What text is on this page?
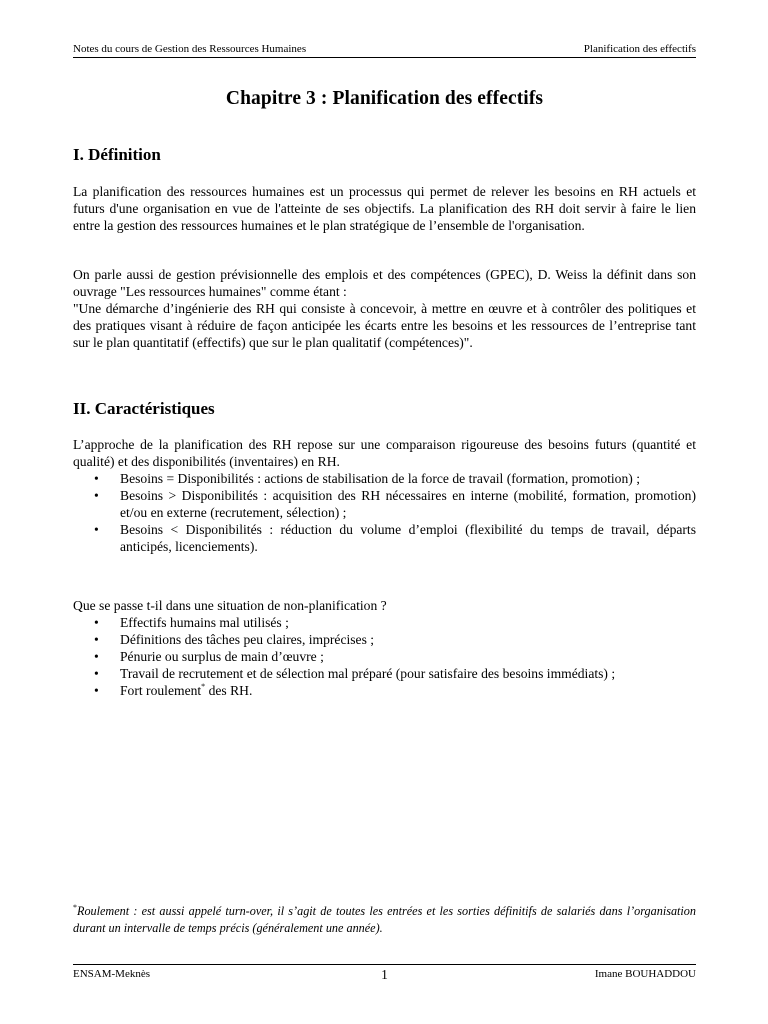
Notes du cours de Gestion des Ressources Humaines	Planification des effectifs
Chapitre 3 : Planification des effectifs
I. Définition

La planification des ressources humaines est un processus qui permet de relever les besoins en RH actuels et futurs d'une organisation en vue de l'atteinte de ses objectifs. La planification des RH doit servir à faire le lien entre la gestion des ressources humaines et le plan stratégique de l’ensemble de l'organisation.

On parle aussi de gestion prévisionnelle des emplois et des compétences (GPEC), D. Weiss la définit dans son ouvrage "Les ressources humaines" comme étant :

"Une démarche d’ingénierie des RH qui consiste à concevoir, à mettre en œuvre et à contrôler des politiques et des pratiques visant à réduire de façon anticipée les écarts entre les besoins et les ressources de l’entreprise tant sur le plan quantitatif (effectifs) que sur le plan qualitatif (compétences)".

II. Caractéristiques

L’approche de la planification des RH repose sur une comparaison rigoureuse des besoins futurs (quantité et qualité) et des disponibilités (inventaires) en RH.

• Besoins = Disponibilités : actions de stabilisation de la force de travail (formation, promotion) ;
• Besoins > Disponibilités : acquisition des RH nécessaires en interne (mobilité, formation, promotion) et/ou en externe (recrutement, sélection) ;
• Besoins < Disponibilités : réduction du volume d’emploi (flexibilité du temps de travail, départs anticipés, licenciements).

Que se passe t-il dans une situation de non-planification ?

• Effectifs humains mal utilisés ;
• Définitions des tâches peu claires, imprécises ;
• Pénurie ou surplus de main d’œuvre ;
• Travail de recrutement et de sélection mal préparé (pour satisfaire des besoins immédiats) ;
• Fort roulement* des RH.
*Roulement : est aussi appelé turn-over, il s’agit de toutes les entrées et les sorties définitifs de salariés dans l’organisation durant un intervalle de temps précis (généralement une année).
ENSAM-Meknès	1	Imane BOUHADDOU
